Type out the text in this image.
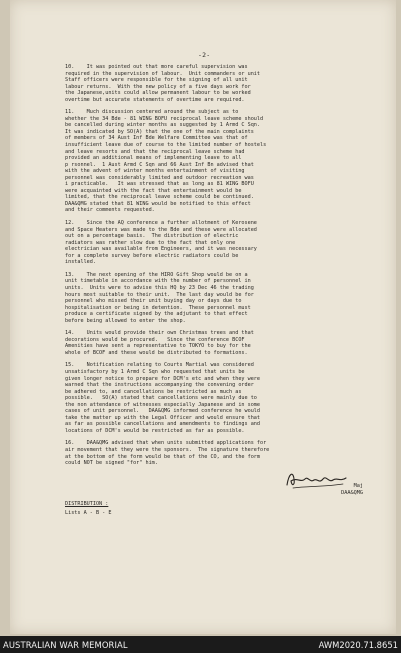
-2-
10.    It was pointed out that more careful supervision was
required in the supervision of labour.  Unit commanders or unit
Staff officers were responsible for the signing of all unit
labour returns.  With the new policy of a five days work for
the Japanese,units could allow permanent labour to be worked
overtime but accurate statements of overtime are required.
11.    Much discussion centered around the subject as to
whether the 34 Bde - 81 WING BOFU reciprocal leave scheme should
be cancelled during winter months as suggested by 1 Armd C Sqn.
It was indicated by SO(A) that the one of the main complaints
of members of 34 Aust Inf Bde Welfare Committee was that of
insufficient leave due of course to the limited number of hostels
and leave resorts and that the reciprocal leave scheme had
provided an additional means of implementing leave to all
p rsonnel.  1 Aust Armd C Sqn and 66 Aust Inf Bn advised that
with the advent of winter months entertainment of visiting
personnel was considerably limited and outdoor recreation was
i practicable.   It was stressed that as long as 81 WING BOFU
were acquainted with the fact that entertainment would be
limited, that the reciprocal leave scheme could be continued.
DAA&QMG stated that 81 WING would be notified to this effect
and their comments requested.
12.    Since the AQ conference a further allotment of Kerosene
and Space Heaters was made to the Bde and these were allocated
out on a percentage basis.  The distribution of electric
radiators was rather slow due to the fact that only one
electrician was available from Engineers, and it was necessary
for a complete survey before electric radiators could be
installed.
13.    The next opening of the HIRO Gift Shop would be on a
unit timetable in accordance with the number of personnel in
units.  Units were to advise this HQ by 23 Dec 46 the trading
hours most suitable to their unit.  The last day would be for
personnel who missed their unit buying day or days due to
hospitalisation or being in detention.  These personnel must
produce a certificate signed by the adjutant to that effect
before being allowed to enter the shop.
14.    Units would provide their own Christmas trees and that
decorations would be procured.   Since the conference BCOF
Amenities have sent a representative to TOKYO to buy for the
whole of BCOF and these would be distributed to formations.
15.    Notification relating to Courts Martial was considered
unsatisfactory by 1 Armd C Sqn who requested that units be
given longer notice to prepare for DCM's etc and when they were
warned that the instructions accompanying the convening order
be adhered to, and cancellations be restricted as much as
possible.   SO(A) stated that cancellations were mainly due to
the non attendance of witnesses especially Japanese and in some
cases of unit personnel.   DAA&QMG informed conference he would
take the matter up with the Legal Officer and would ensure that
as far as possible cancellations and amendments to findings and
locations of DCM's would be restricted as far as possible.
16.    DAA&QMG advised that when units submitted applications for
air movement that they were the sponsors.  The signature therefore
at the bottom of the form would be that of the CO, and the form
could NOT be signed "for" him.
Maj
DAA&QMG
DISTRIBUTION :
Lists A - B - E
AUSTRALIAN WAR MEMORIAL	AWM2020.71.8651
